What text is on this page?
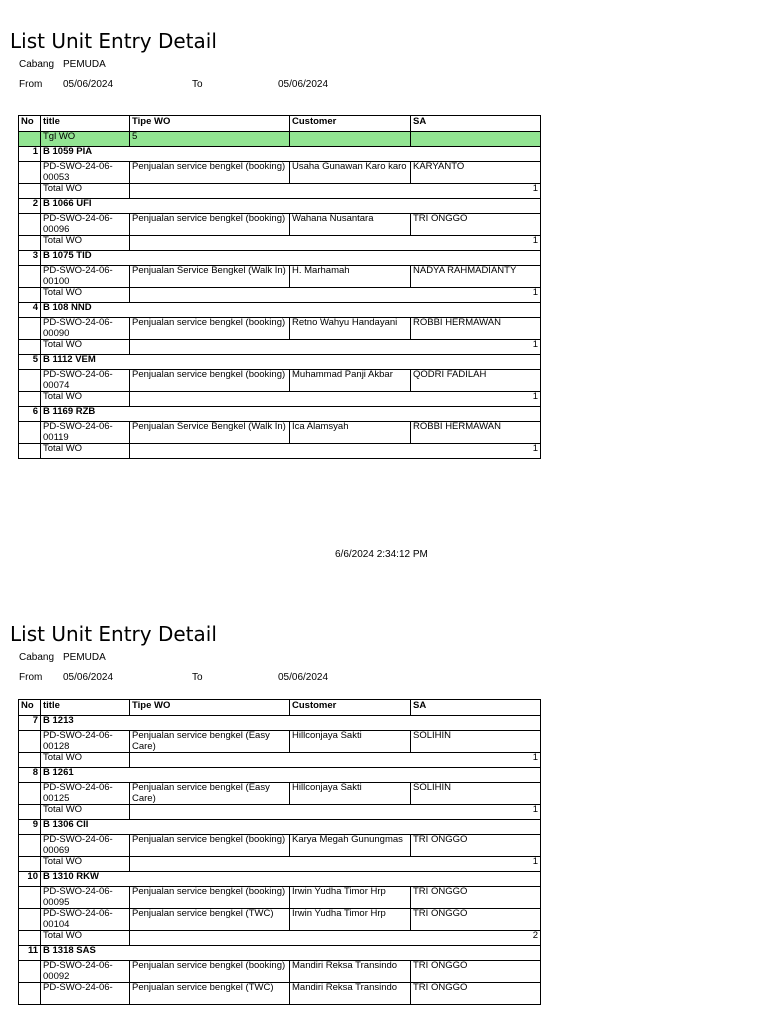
List Unit Entry Detail
Cabang PEMUDA
From 05/06/2024	To	05/06/2024
No	title	Tipe WO	Customer	SA
	Tgl WO	5		
1	B 1059 PIA			
	PD-SWO-24-06-00053	Penjualan service bengkel (booking)	Usaha Gunawan Karo karo	KARYANTO
	Total WO	1		
2	B 1066 UFI			
	PD-SWO-24-06-00096	Penjualan service bengkel (booking)	Wahana Nusantara	TRI ONGGO
	Total WO	1		
3	B 1075 TID			
	PD-SWO-24-06-00100	Penjualan Service Bengkel (Walk In)	H. Marhamah	NADYA RAHMADIANTY
	Total WO	1		
4	B 108 NND			
	PD-SWO-24-06-00090	Penjualan service bengkel (booking)	Retno Wahyu Handayani	ROBBI HERMAWAN
	Total WO	1		
5	B 1112 VEM			
	PD-SWO-24-06-00074	Penjualan service bengkel (booking)	Muhammad Panji Akbar	QODRI FADILAH
	Total WO	1		
6	B 1169 RZB			
	PD-SWO-24-06-00119	Penjualan Service Bengkel (Walk In)	Ica Alamsyah	ROBBI HERMAWAN
	Total WO	1		
6/6/2024 2:34:12 PM
List Unit Entry Detail
Cabang PEMUDA
From 05/06/2024	To	05/06/2024
No	title	Tipe WO	Customer	SA
7	B 1213			
	PD-SWO-24-06-00128	Penjualan service bengkel (Easy Care)	Hillconjaya Sakti	SOLIHIN
	Total WO	1		
8	B 1261			
	PD-SWO-24-06-00125	Penjualan service bengkel (Easy Care)	Hillconjaya Sakti	SOLIHIN
	Total WO	1		
9	B 1306 CII			
	PD-SWO-24-06-00069	Penjualan service bengkel (booking)	Karya Megah Gunungmas	TRI ONGGO
	Total WO	1		
10	B 1310 RKW			
	PD-SWO-24-06-00095	Penjualan service bengkel (booking)	Irwin Yudha Timor Hrp	TRI ONGGO
	PD-SWO-24-06-00104	Penjualan service bengkel (TWC)	Irwin Yudha Timor Hrp	TRI ONGGO
	Total WO	2		
11	B 1318 SAS			
	PD-SWO-24-06-00092	Penjualan service bengkel (booking)	Mandiri Reksa Transindo	TRI ONGGO
	PD-SWO-24-06-	Penjualan service bengkel (TWC)	Mandiri Reksa Transindo	TRI ONGGO
